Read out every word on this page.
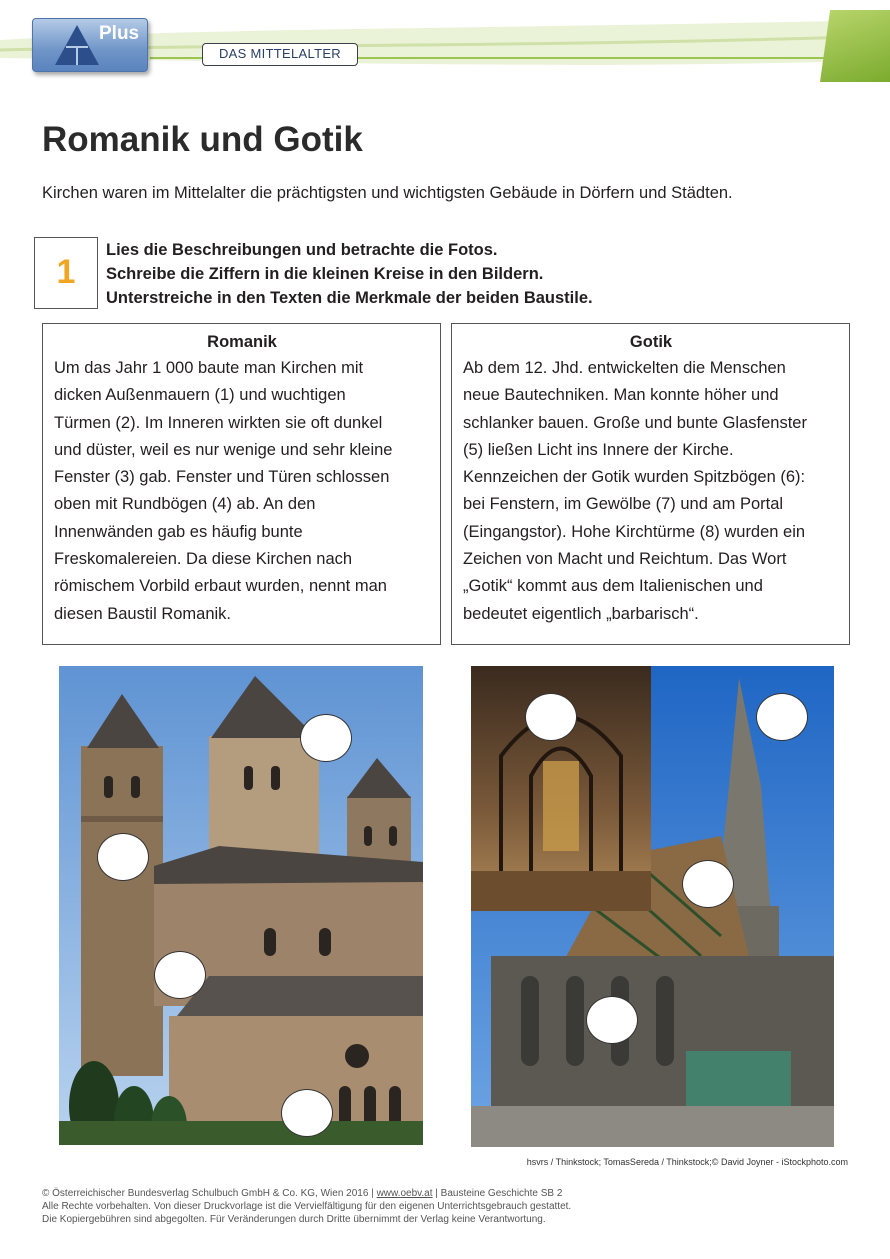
Plus
DAS MITTELALTER
Romanik und Gotik

Kirchen waren im Mittelalter die prächtigsten und wichtigsten Gebäude in Dörfern und Städten.

1
Lies die Beschreibungen und betrachte die Fotos.
Schreibe die Ziffern in die kleinen Kreise in den Bildern.
Unterstreiche in den Texten die Merkmale der beiden Baustile.
Romanik
Um das Jahr 1 000 baute man Kirchen mit
dicken Außenmauern (1) und wuchtigen
Türmen (2). Im Inneren wirkten sie oft dunkel
und düster, weil es nur wenige und sehr kleine
Fenster (3) gab. Fenster und Türen schlossen
oben mit Rundbögen (4) ab. An den
Innenwänden gab es häufig bunte
Freskomalereien. Da diese Kirchen nach
römischem Vorbild erbaut wurden, nennt man
diesen Baustil Romanik.
Gotik
Ab dem 12. Jhd. entwickelten die Menschen
neue Bautechniken. Man konnte höher und
schlanker bauen. Große und bunte Glasfenster
(5) ließen Licht ins Innere der Kirche.
Kennzeichen der Gotik wurden Spitzbögen (6):
bei Fenstern, im Gewölbe (7) und am Portal
(Eingangstor). Hohe Kirchtürme (8) wurden ein
Zeichen von Macht und Reichtum. Das Wort
„Gotik“ kommt aus dem Italienischen und
bedeutet eigentlich „barbarisch“.
hsvrs / Thinkstock; TomasSereda / Thinkstock;© David Joyner - iStockphoto.com
© Österreichischer Bundesverlag Schulbuch GmbH & Co. KG, Wien 2016 | www.oebv.at | Bausteine Geschichte SB 2
Alle Rechte vorbehalten. Von dieser Druckvorlage ist die Vervielfältigung für den eigenen Unterrichtsgebrauch gestattet.
Die Kopiergebühren sind abgegolten. Für Veränderungen durch Dritte übernimmt der Verlag keine Verantwortung.
